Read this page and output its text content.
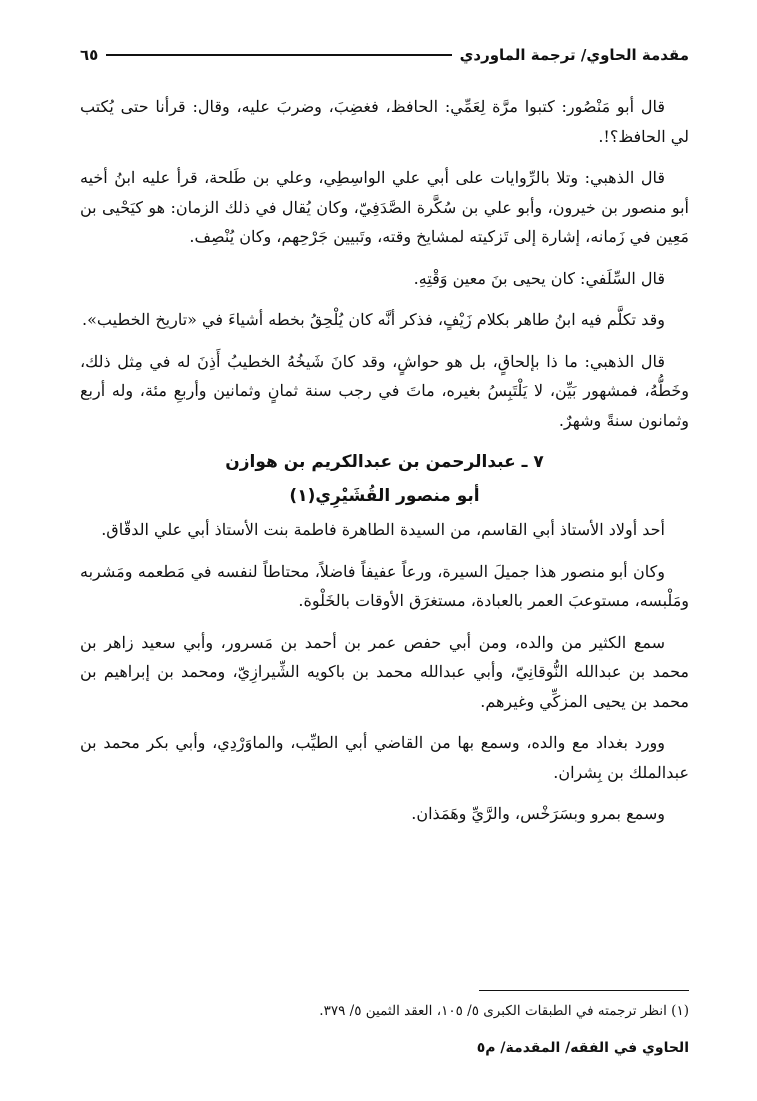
مقدمة الحاوي/ ترجمة الماوردي
٦٥

قال أبو مَنْصُور: كتبوا مرَّة لِعَمِّي: الحافظ، فغضِبَ، وضربَ عليه، وقال: قرأنا حتى يُكتب لي الحافظ؟!.

قال الذهبي: وتلا بالرِّوايات على أبي علي الواسِطِي، وعلي بن طَلحة، قرأ عليه ابنُ أخيه أبو منصور بن خيرون، وأبو علي بن سُكَّرة الصَّدَفِيّ، وكان يُقال في ذلك الزمان: هو كيَحْيى بن مَعِين في زَمانه، إشارة إلى تَزكيته لمشايخ وقته، وتَبيين جَرْحِهم، وكان يُنْصِف.

قال السِّلَفي: كان يحيى بنَ معين وَقْتِهِ.

وقد تكلَّم فيه ابنُ طاهر بكلام زَيْفٍ، فذكر أنَّه كان يُلْحِقُ بخطه أشياءَ في «تاريخ الخطيب».

قال الذهبي: ما ذا بإلحاقٍ، بل هو حواشٍ، وقد كانَ شَيخُهُ الخطيبُ أَذِنَ له في مِثل ذلك، وخَطُّهُ، فمشهور بَيِّن، لا يَلْتَبِسُ بغيره، ماتَ في رجب سنة ثمانٍ وثمانين وأربعِ مئة، وله أربع وثمانون سنةً وشهرٌ.

٧ ـ عبدالرحمن بن عبدالكريم بن هوازن
أبو منصور القُشَيْرِي(١)

أحد أولاد الأستاذ أبي القاسم، من السيدة الطاهرة فاطمة بنت الأستاذ أبي علي الدقّاق.

وكان أبو منصور هذا جميلَ السيرة، ورعاً عفيفاً فاضلاً، محتاطاً لنفسه في مَطعمه ومَشربه ومَلْبسه، مستوعبَ العمر بالعبادة، مستغرَق الأوقات بالخَلْوة.

سمع الكثير من والده، ومن أبي حفص عمر بن أحمد بن مَسرور، وأبي سعيد زاهر بن محمد بن عبدالله النُّوقانِيّ، وأبي عبدالله محمد بن باكويه الشِّيرازِيّ، ومحمد بن إبراهيم بن محمد بن يحيى المزكِّي وغيرهم.

وورد بغداد مع والده، وسمع بها من القاضي أبي الطيِّب، والماوَرْدِي، وأبي بكر محمد بن عبدالملك بن بِشران.

وسمع بمرو وبسَرَخْس، والرَّيِّ وهَمَذان.

(١) انظر ترجمته في الطبقات الكبرى ٥/ ١٠٥، العقد الثمين ٥/ ٣٧٩.
الحاوي في الفقه/ المقدمة/ م٥
